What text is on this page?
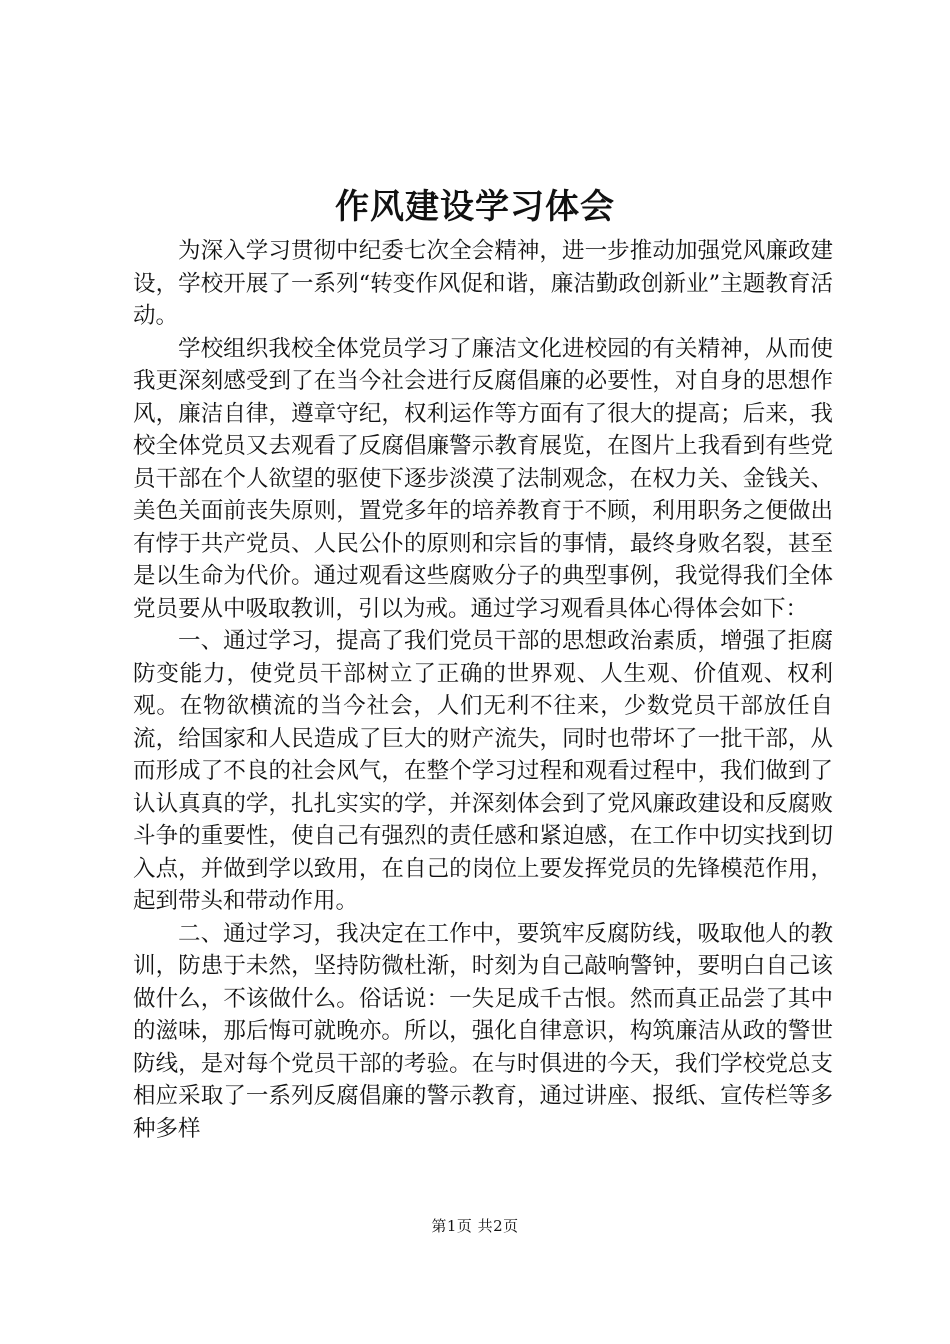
作风建设学习体会

为深入学习贯彻中纪委七次全会精神，进一步推动加强党风廉政建设，学校开展了一系列“转变作风促和谐，廉洁勤政创新业”主题教育活动。

学校组织我校全体党员学习了廉洁文化进校园的有关精神，从而使我更深刻感受到了在当今社会进行反腐倡廉的必要性，对自身的思想作风，廉洁自律，遵章守纪，权利运作等方面有了很大的提高；后来，我校全体党员又去观看了反腐倡廉警示教育展览，在图片上我看到有些党员干部在个人欲望的驱使下逐步淡漠了法制观念，在权力关、金钱关、美色关面前丧失原则，置党多年的培养教育于不顾，利用职务之便做出有悖于共产党员、人民公仆的原则和宗旨的事情，最终身败名裂，甚至是以生命为代价。通过观看这些腐败分子的典型事例，我觉得我们全体党员要从中吸取教训，引以为戒。通过学习观看具体心得体会如下：

一、通过学习，提高了我们党员干部的思想政治素质，增强了拒腐防变能力，使党员干部树立了正确的世界观、人生观、价值观、权利观。在物欲横流的当今社会，人们无利不往来，少数党员干部放任自流，给国家和人民造成了巨大的财产流失，同时也带坏了一批干部，从而形成了不良的社会风气，在整个学习过程和观看过程中，我们做到了认认真真的学，扎扎实实的学，并深刻体会到了党风廉政建设和反腐败斗争的重要性，使自己有强烈的责任感和紧迫感，在工作中切实找到切入点，并做到学以致用，在自己的岗位上要发挥党员的先锋模范作用，起到带头和带动作用。

二、通过学习，我决定在工作中，要筑牢反腐防线，吸取他人的教训，防患于未然，坚持防微杜渐，时刻为自己敲响警钟，要明白自己该做什么，不该做什么。俗话说：一失足成千古恨。然而真正品尝了其中的滋味，那后悔可就晚亦。所以，强化自律意识，构筑廉洁从政的警世防线，是对每个党员干部的考验。在与时俱进的今天，我们学校党总支相应采取了一系列反腐倡廉的警示教育，通过讲座、报纸、宣传栏等多种多样

第1页 共2页
